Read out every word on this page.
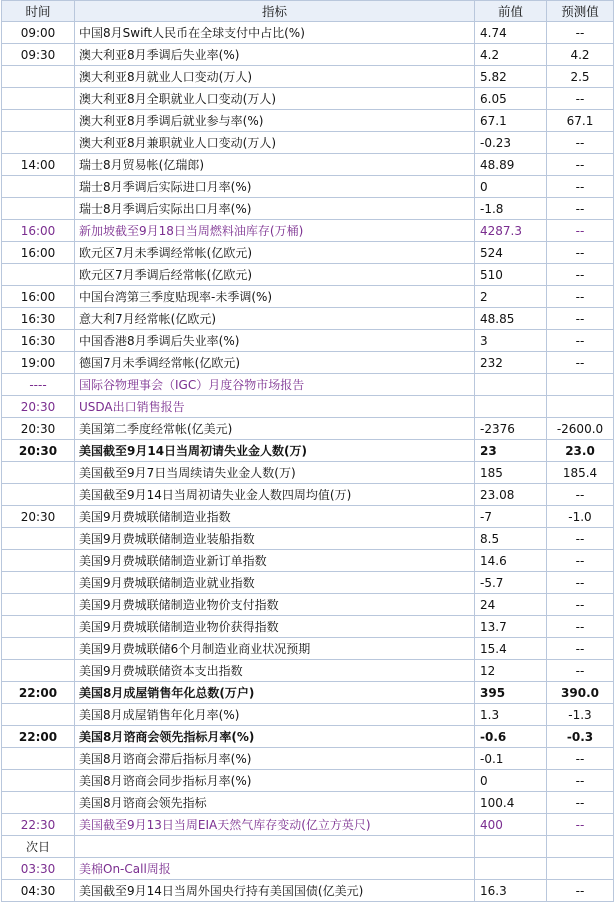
时间	指标	前值	预测值
09:00	中国8月Swift人民币在全球支付中占比(%)	4.74	--
09:30	澳大利亚8月季调后失业率(%)	4.2	4.2
	澳大利亚8月就业人口变动(万人)	5.82	2.5
	澳大利亚8月全职就业人口变动(万人)	6.05	--
	澳大利亚8月季调后就业参与率(%)	67.1	67.1
	澳大利亚8月兼职就业人口变动(万人)	-0.23	--
14:00	瑞士8月贸易帐(亿瑞郎)	48.89	--
	瑞士8月季调后实际进口月率(%)	0	--
	瑞士8月季调后实际出口月率(%)	-1.8	--
16:00	新加坡截至9月18日当周燃料油库存(万桶)	4287.3	--
16:00	欧元区7月未季调经常帐(亿欧元)	524	--
	欧元区7月季调后经常帐(亿欧元)	510	--
16:00	中国台湾第三季度贴现率-未季调(%)	2	--
16:30	意大利7月经常帐(亿欧元)	48.85	--
16:30	中国香港8月季调后失业率(%)	3	--
19:00	德国7月未季调经常帐(亿欧元)	232	--
----	国际谷物理事会（IGC）月度谷物市场报告		
20:30	USDA出口销售报告		
20:30	美国第二季度经常帐(亿美元)	-2376	-2600.0
20:30	美国截至9月14日当周初请失业金人数(万)	23	23.0
	美国截至9月7日当周续请失业金人数(万)	185	185.4
	美国截至9月14日当周初请失业金人数四周均值(万)	23.08	--
20:30	美国9月费城联储制造业指数	-7	-1.0
	美国9月费城联储制造业装船指数	8.5	--
	美国9月费城联储制造业新订单指数	14.6	--
	美国9月费城联储制造业就业指数	-5.7	--
	美国9月费城联储制造业物价支付指数	24	--
	美国9月费城联储制造业物价获得指数	13.7	--
	美国9月费城联储6个月制造业商业状况预期	15.4	--
	美国9月费城联储资本支出指数	12	--
22:00	美国8月成屋销售年化总数(万户)	395	390.0
	美国8月成屋销售年化月率(%)	1.3	-1.3
22:00	美国8月谘商会领先指标月率(%)	-0.6	-0.3
	美国8月谘商会滞后指标月率(%)	-0.1	--
	美国8月谘商会同步指标月率(%)	0	--
	美国8月谘商会领先指标	100.4	--
22:30	美国截至9月13日当周EIA天然气库存变动(亿立方英尺)	400	--
次日			
03:30	美棉On-Call周报		
04:30	美国截至9月14日当周外国央行持有美国国债(亿美元)	16.3	--
